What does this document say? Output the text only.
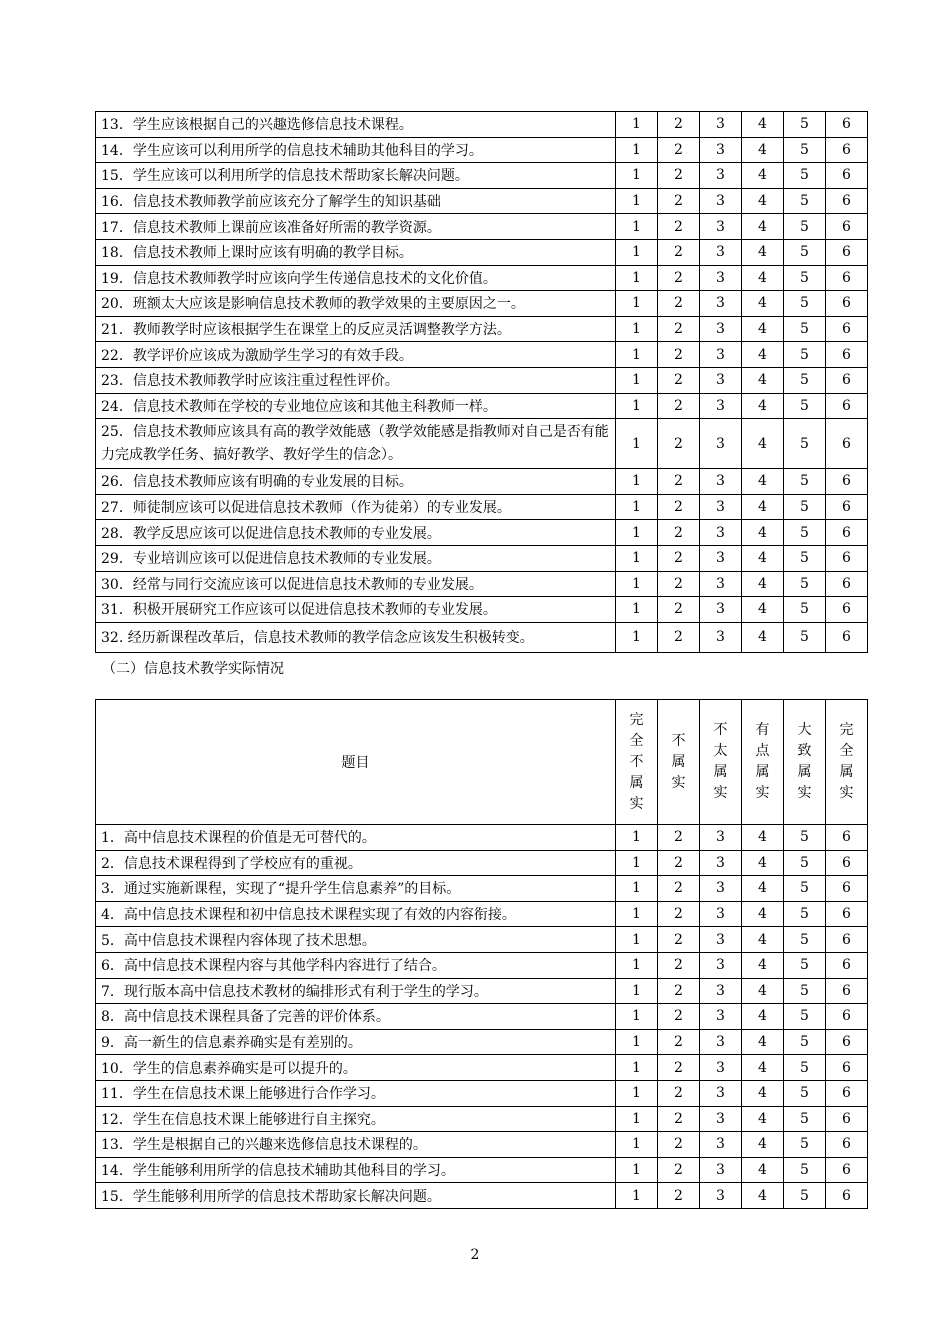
13．学生应该根据自己的兴趣选修信息技术课程。	1	2	3	4	5	6
14．学生应该可以利用所学的信息技术辅助其他科目的学习。	1	2	3	4	5	6
15．学生应该可以利用所学的信息技术帮助家长解决问题。	1	2	3	4	5	6
16．信息技术教师教学前应该充分了解学生的知识基础	1	2	3	4	5	6
17．信息技术教师上课前应该准备好所需的教学资源。	1	2	3	4	5	6
18．信息技术教师上课时应该有明确的教学目标。	1	2	3	4	5	6
19．信息技术教师教学时应该向学生传递信息技术的文化价值。	1	2	3	4	5	6
20．班额太大应该是影响信息技术教师的教学效果的主要原因之一。	1	2	3	4	5	6
21．教师教学时应该根据学生在课堂上的反应灵活调整教学方法。	1	2	3	4	5	6
22．教学评价应该成为激励学生学习的有效手段。	1	2	3	4	5	6
23．信息技术教师教学时应该注重过程性评价。	1	2	3	4	5	6
24．信息技术教师在学校的专业地位应该和其他主科教师一样。	1	2	3	4	5	6
25．信息技术教师应该具有高的教学效能感（教学效能感是指教师对自己是否有能力完成教学任务、搞好教学、教好学生的信念）。	1	2	3	4	5	6
26．信息技术教师应该有明确的专业发展的目标。	1	2	3	4	5	6
27．师徒制应该可以促进信息技术教师（作为徒弟）的专业发展。	1	2	3	4	5	6
28．教学反思应该可以促进信息技术教师的专业发展。	1	2	3	4	5	6
29．专业培训应该可以促进信息技术教师的专业发展。	1	2	3	4	5	6
30．经常与同行交流应该可以促进信息技术教师的专业发展。	1	2	3	4	5	6
31．积极开展研究工作应该可以促进信息技术教师的专业发展。	1	2	3	4	5	6
32. 经历新课程改革后，信息技术教师的教学信念应该发生积极转变。	1	2	3	4	5	6
（二）信息技术教学实际情况
题目	完全不属实	不属实	不太属实	有点属实	大致属实	完全属实
1．高中信息技术课程的价值是无可替代的。	1	2	3	4	5	6
2．信息技术课程得到了学校应有的重视。	1	2	3	4	5	6
3．通过实施新课程，实现了“提升学生信息素养”的目标。	1	2	3	4	5	6
4．高中信息技术课程和初中信息技术课程实现了有效的内容衔接。	1	2	3	4	5	6
5．高中信息技术课程内容体现了技术思想。	1	2	3	4	5	6
6．高中信息技术课程内容与其他学科内容进行了结合。	1	2	3	4	5	6
7．现行版本高中信息技术教材的编排形式有利于学生的学习。	1	2	3	4	5	6
8．高中信息技术课程具备了完善的评价体系。	1	2	3	4	5	6
9．高一新生的信息素养确实是有差别的。	1	2	3	4	5	6
10．学生的信息素养确实是可以提升的。	1	2	3	4	5	6
11．学生在信息技术课上能够进行合作学习。	1	2	3	4	5	6
12．学生在信息技术课上能够进行自主探究。	1	2	3	4	5	6
13．学生是根据自己的兴趣来选修信息技术课程的。	1	2	3	4	5	6
14．学生能够利用所学的信息技术辅助其他科目的学习。	1	2	3	4	5	6
15．学生能够利用所学的信息技术帮助家长解决问题。	1	2	3	4	5	6
2
